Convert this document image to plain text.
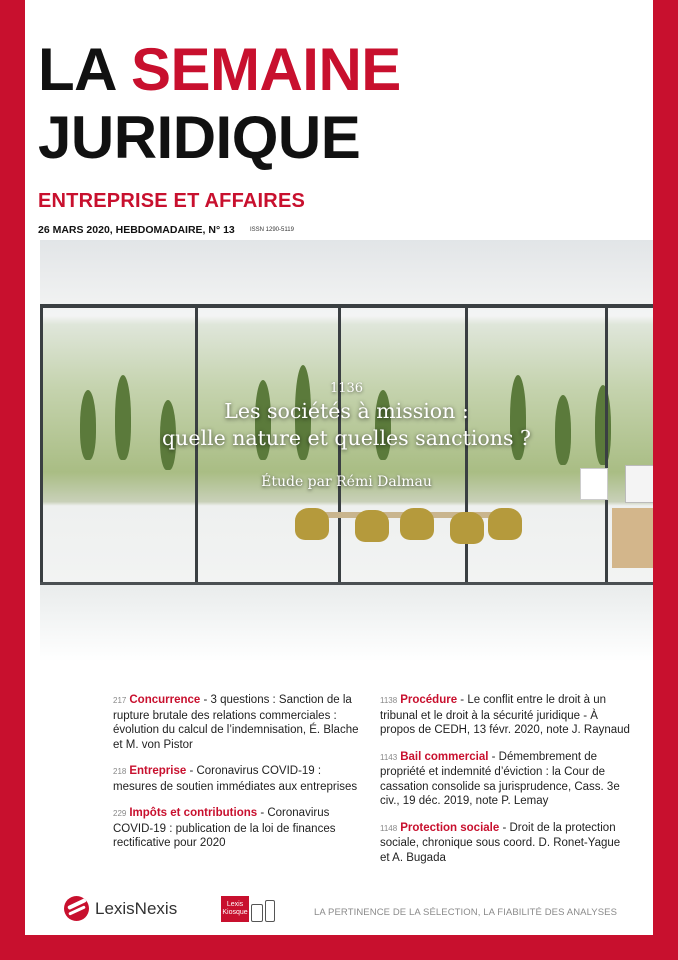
LA SEMAINE
JURIDIQUE
ENTREPRISE ET AFFAIRES
26 MARS 2020, HEBDOMADAIRE, N° 13	ISSN 1290-5119
1136
Les sociétés à mission :
quelle nature et quelles sanctions ?
Étude par Rémi Dalmau

217 Concurrence - 3 questions : Sanction de la rupture brutale des relations commerciales : évolution du calcul de l’indemnisation, É. Blache et M. von Pistor

218 Entreprise - Coronavirus COVID-19 : mesures de soutien immédiates aux entreprises

229 Impôts et contributions - Coronavirus COVID-19 : publication de la loi de finances rectificative pour 2020

1138 Procédure - Le conflit entre le droit à un tribunal et le droit à la sécurité juridique - À propos de CEDH, 13 févr. 2020, note J. Raynaud

1143 Bail commercial - Démembrement de propriété et indemnité d’éviction : la Cour de cassation consolide sa jurisprudence, Cass. 3e civ., 19 déc. 2019, note P. Lemay

1148 Protection sociale - Droit de la protection sociale, chronique sous coord. D. Ronet-Yague et A. Bugada

LexisNexis	Lexis
Kiosque	LA PERTINENCE DE LA SÉLECTION, LA FIABILITÉ DES ANALYSES
